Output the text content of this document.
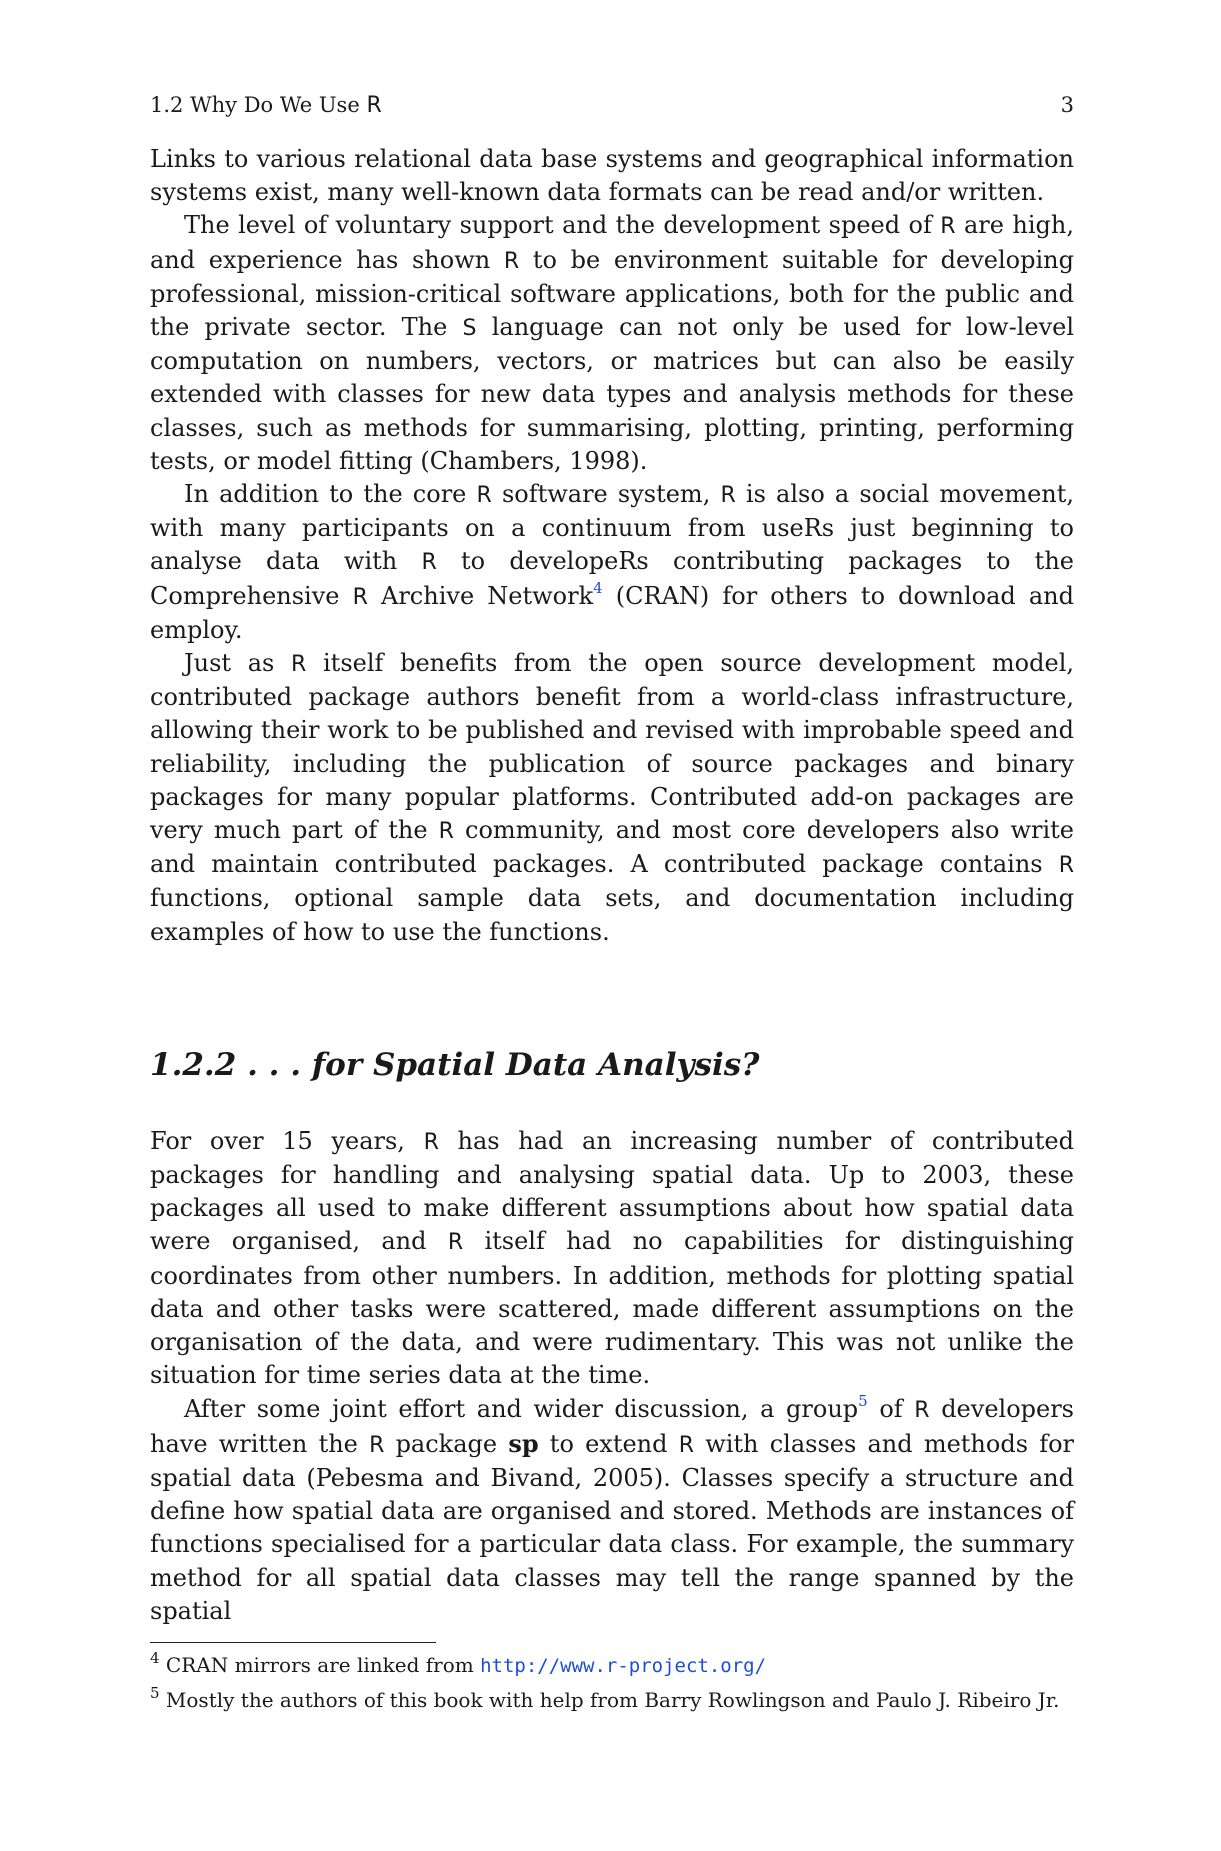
1.2 Why Do We Use R	3

Links to various relational data base systems and geographical information systems exist, many well-known data formats can be read and/or written.

The level of voluntary support and the development speed of R are high, and experience has shown R to be environment suitable for developing professional, mission-critical software applications, both for the public and the private sector. The S language can not only be used for low-level computation on numbers, vectors, or matrices but can also be easily extended with classes for new data types and analysis methods for these classes, such as methods for summarising, plotting, printing, performing tests, or model fitting (Chambers, 1998).

In addition to the core R software system, R is also a social movement, with many participants on a continuum from useRs just beginning to analyse data with R to developeRs contributing packages to the Comprehensive R Archive Network$^4$ (CRAN) for others to download and employ.

Just as R itself benefits from the open source development model, contributed package authors benefit from a world-class infrastructure, allowing their work to be published and revised with improbable speed and reliability, including the publication of source packages and binary packages for many popular platforms. Contributed add-on packages are very much part of the R community, and most core developers also write and maintain contributed packages. A contributed package contains R functions, optional sample data sets, and documentation including examples of how to use the functions.

1.2.2 . . . for Spatial Data Analysis?

For over 15 years, R has had an increasing number of contributed packages for handling and analysing spatial data. Up to 2003, these packages all used to make different assumptions about how spatial data were organised, and R itself had no capabilities for distinguishing coordinates from other numbers. In addition, methods for plotting spatial data and other tasks were scattered, made different assumptions on the organisation of the data, and were rudimentary. This was not unlike the situation for time series data at the time.

After some joint effort and wider discussion, a group$^5$ of R developers have written the R package sp to extend R with classes and methods for spatial data (Pebesma and Bivand, 2005). Classes specify a structure and define how spatial data are organised and stored. Methods are instances of functions specialised for a particular data class. For example, the summary method for all spatial data classes may tell the range spanned by the spatial

$^4$ CRAN mirrors are linked from http://www.r-project.org/

$^5$ Mostly the authors of this book with help from Barry Rowlingson and Paulo J. Ribeiro Jr.
